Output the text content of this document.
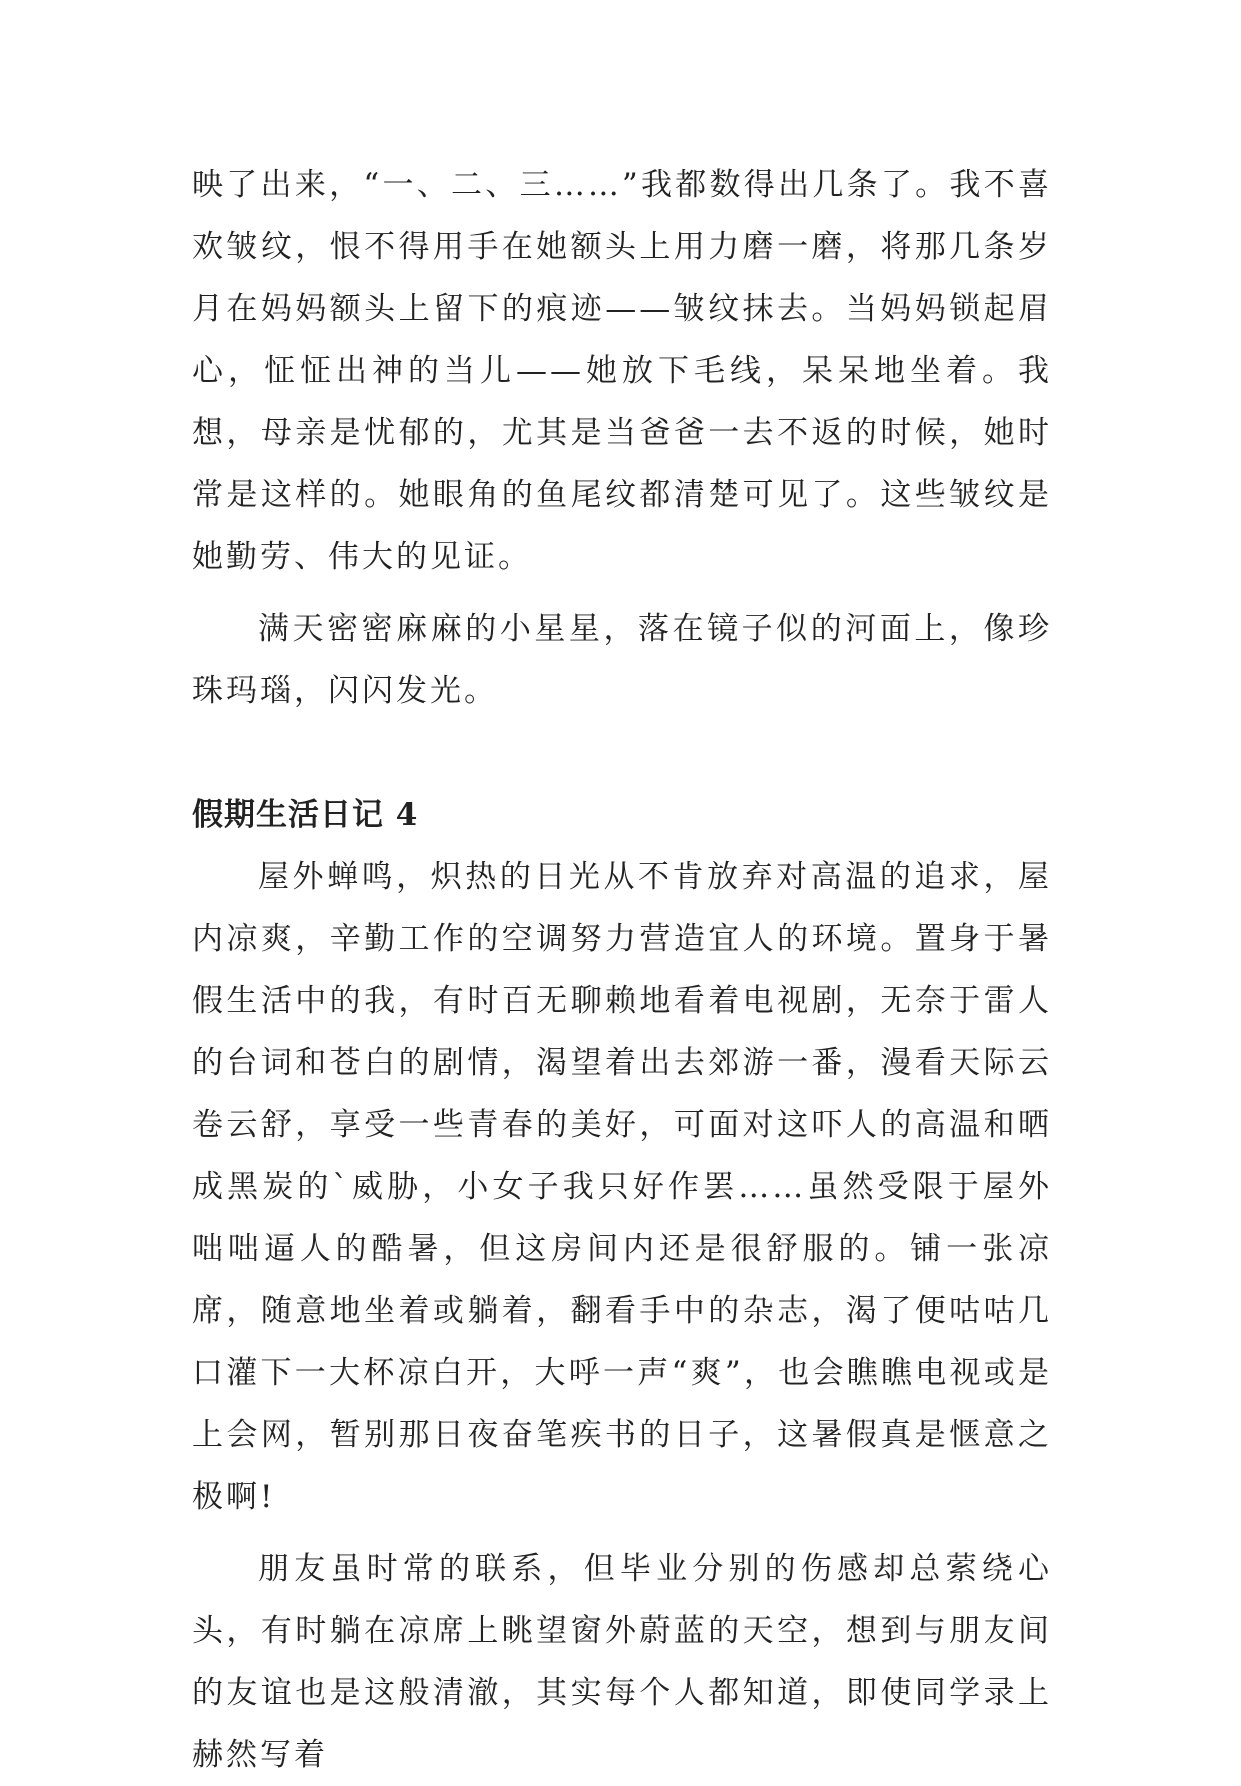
映了出来，“一、二、三……”我都数得出几条了。我不喜欢皱纹，恨不得用手在她额头上用力磨一磨，将那几条岁月在妈妈额头上留下的痕迹——皱纹抹去。当妈妈锁起眉心，怔怔出神的当儿——她放下毛线，呆呆地坐着。我想，母亲是忧郁的，尤其是当爸爸一去不返的时候，她时常是这样的。她眼角的鱼尾纹都清楚可见了。这些皱纹是她勤劳、伟大的见证。

满天密密麻麻的小星星，落在镜子似的河面上，像珍珠玛瑙，闪闪发光。

假期生活日记 4

屋外蝉鸣，炽热的日光从不肯放弃对高温的追求，屋内凉爽，辛勤工作的空调努力营造宜人的环境。置身于暑假生活中的我，有时百无聊赖地看着电视剧，无奈于雷人的台词和苍白的剧情，渴望着出去郊游一番，漫看天际云卷云舒，享受一些青春的美好，可面对这吓人的高温和晒成黑炭的`威胁，小女子我只好作罢……虽然受限于屋外咄咄逼人的酷暑，但这房间内还是很舒服的。铺一张凉席，随意地坐着或躺着，翻看手中的杂志，渴了便咕咕几口灌下一大杯凉白开，大呼一声“爽”，也会瞧瞧电视或是上会网，暂别那日夜奋笔疾书的日子，这暑假真是惬意之极啊!

朋友虽时常的联系，但毕业分别的伤感却总萦绕心头，有时躺在凉席上眺望窗外蔚蓝的天空，想到与朋友间的友谊也是这般清澈，其实每个人都知道，即使同学录上赫然写着
